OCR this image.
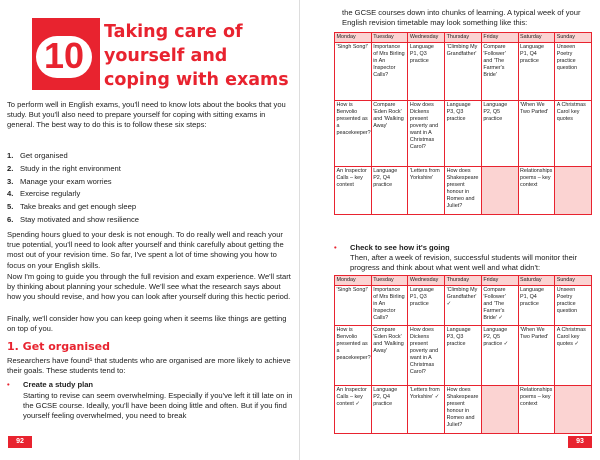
10
Taking care of yourself and coping with exams
To perform well in English exams, you'll need to know lots about the books that you study. But you'll also need to prepare yourself for coping with sitting exams in general. The best way to do this is to follow these six steps:
1. Get organised
2. Study in the right environment
3. Manage your exam worries
4. Exercise regularly
5. Take breaks and get enough sleep
6. Stay motivated and show resilience
Spending hours glued to your desk is not enough. To do really well and reach your true potential, you'll need to look after yourself and think carefully about getting the most out of your revision time. So far, I've spent a lot of time showing you how to focus on your English skills.
Now I'm going to guide you through the full revision and exam experience. We'll start by thinking about planning your schedule. We'll see what the research says about how you should revise, and how you can look after yourself during this hectic period.
Finally, we'll consider how you can keep going when it seems like things are getting on top of you.
1. Get organised
Researchers have found¹ that students who are organised are more likely to achieve their goals. These students tend to:
• Create a study plan
Starting to revise can seem overwhelming. Especially if you've left it till late on in the GCSE course. Ideally, you'll have been doing little and often. But if you find yourself feeling overwhelmed, you need to break
92
the GCSE courses down into chunks of learning. A typical week of your English revision timetable may look something like this:
Monday	Tuesday	Wednesday	Thursday	Friday	Saturday	Sunday
'Singh Song!'	Importance of Mrs Birling in An Inspector Calls?	Language P1, Q3 practice	'Climbing My Grandfather'	Compare 'Follower' and 'The Farmer's Bride'	Language P1, Q4 practice	Unseen Poetry practice question
How is Benvolio presented as a peacekeeper?	Compare 'Eden Rock' and 'Walking Away'	How does Dickens present poverty and want in A Christmas Carol?	Language P3, Q3 practice	Language P2, Q5 practice	'When We Two Parted'	A Christmas Carol key quotes
An Inspector Calls – key context	Language P2, Q4 practice	'Letters from Yorkshire'	How does Shakespeare present honour in Romeo and Juliet?		Relationships poems – key context	
• Check to see how it's going
Then, after a week of revision, successful students will monitor their progress and think about what went well and what didn't:
Monday	Tuesday	Wednesday	Thursday	Friday	Saturday	Sunday
'Singh Song!'	Importance of Mrs Birling in An Inspector Calls?	Language P1, Q3 practice	'Climbing My Grandfather' ✓	Compare 'Follower' and 'The Farmer's Bride' ✓	Language P1, Q4 practice	Unseen Poetry practice question
How is Benvolio presented as a peacekeeper?	Compare 'Eden Rock' and 'Walking Away'	How does Dickens present poverty and want in A Christmas Carol?	Language P3, Q3 practice	Language P2, Q5 practice ✓	'When We Two Parted'	A Christmas Carol key quotes ✓
An Inspector Calls – key context ✓	Language P2, Q4 practice	'Letters from Yorkshire' ✓	How does Shakespeare present honour in Romeo and Juliet?		Relationships poems – key context	
93
